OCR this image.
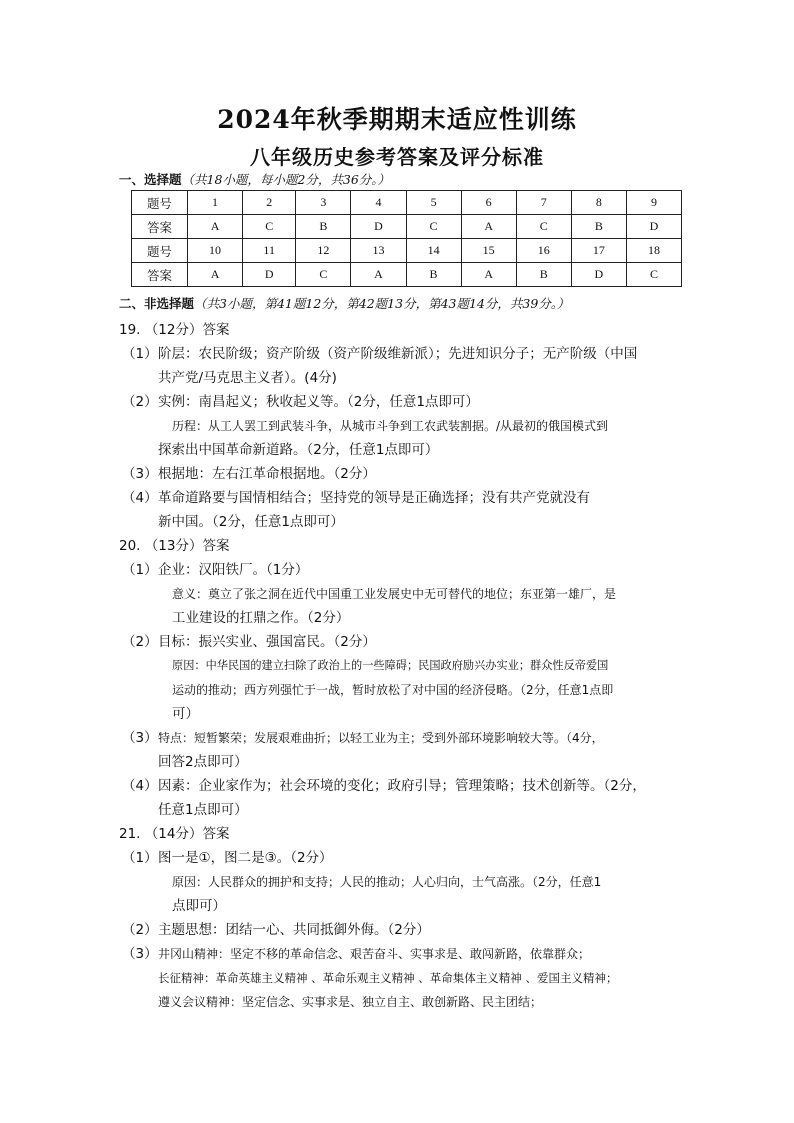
2024年秋季期期末适应性训练
八年级历史参考答案及评分标准
一、选择题（共18小题，每小题2分，共36分。）
题号	1	2	3	4	5	6	7	8	9
答案	A	C	B	D	C	A	C	B	D
题号	10	11	12	13	14	15	16	17	18
答案	A	D	C	A	B	A	B	D	C
二、非选择题（共3小题，第41题12分，第42题13分，第43题14分，共39分。）
19. （12分）答案
（1） 阶层：农民阶级；资产阶级（资产阶级维新派）；先进知识分子；无产阶级（中国
共产党/马克思主义者）。(4分)
（2） 实例：南昌起义；秋收起义等。（2分，任意1点即可）
历程：从工人罢工到武装斗争，从城市斗争到工农武装割据。/从最初的俄国模式到
探索出中国革命新道路。（2分，任意1点即可）
（3） 根据地：左右江革命根据地。（2分）
（4） 革命道路要与国情相结合；坚持党的领导是正确选择；没有共产党就没有
新中国。（2分，任意1点即可）
20. （13分）答案
（1） 企业：汉阳铁厂。（1分）
意义：奠立了张之洞在近代中国重工业发展史中无可替代的地位；东亚第一雄厂，是
工业建设的扛鼎之作。（2分）
（2） 目标：振兴实业、强国富民。（2分）
原因：中华民国的建立扫除了政治上的一些障碍；民国政府励兴办实业；群众性反帝爱国
运动的推动；西方列强忙于一战，暂时放松了对中国的经济侵略。（2分，任意1点即
可）
（3） 特点：短暂繁荣；发展艰难曲折；以轻工业为主；受到外部环境影响较大等。（4分，
回答2点即可）
（4） 因素：企业家作为；社会环境的变化；政府引导；管理策略；技术创新等。（2分，
任意1点即可）
21. （14分）答案
（1） 图一是①，图二是③。（2分）
原因：人民群众的拥护和支持；人民的推动；人心归向，士气高涨。（2分，任意1
点即可）
（2） 主题思想：团结一心、共同抵御外侮。（2分）
（3） 井冈山精神：坚定不移的革命信念、艰苦奋斗、实事求是、敢闯新路，依靠群众；
长征精神：革命英雄主义精神 、革命乐观主义精神 、革命集体主义精神 、爱国主义精神；
遵义会议精神：坚定信念、实事求是、独立自主、敢创新路、民主团结；
